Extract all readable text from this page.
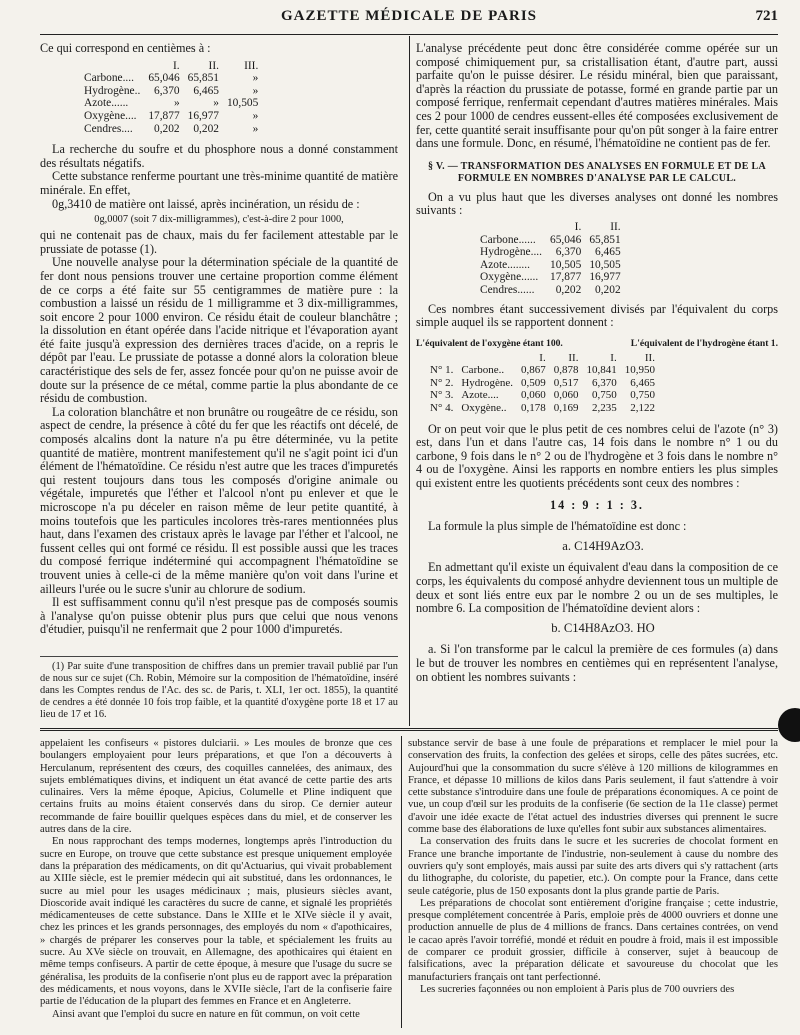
GAZETTE MÉDICALE DE PARIS	721

Ce qui correspond en centièmes à :

	I.	II.	III.
Carbone....	65,046	65,851	»
Hydrogène..	6,370	6,465	»
Azote......	»	»	10,505
Oxygène....	17,877	16,977	»
Cendres....	0,202	0,202	»

La recherche du soufre et du phosphore nous a donné constamment des résultats négatifs.

Cette substance renferme pourtant une très-minime quantité de matière minérale. En effet,

0g,3410 de matière ont laissé, après incinération, un résidu de :

0g,0007 (soit 7 dix-milligrammes), c'est-à-dire 2 pour 1000,

qui ne contenait pas de chaux, mais du fer facilement attestable par le prussiate de potasse (1).

Une nouvelle analyse pour la détermination spéciale de la quantité de fer dont nous pensions trouver une certaine proportion comme élément de ce corps a été faite sur 55 centigrammes de matière pure : la combustion a laissé un résidu de 1 milligramme et 3 dix-milligrammes, soit encore 2 pour 1000 environ. Ce résidu était de couleur blanchâtre ; la dissolution en étant opérée dans l'acide nitrique et l'évaporation ayant été faite jusqu'à expression des dernières traces d'acide, on a repris le dépôt par l'eau. Le prussiate de potasse a donné alors la coloration bleue caractéristique des sels de fer, assez foncée pour qu'on ne puisse avoir de doute sur la présence de ce métal, comme partie la plus abondante de ce résidu de combustion.

La coloration blanchâtre et non brunâtre ou rougeâtre de ce résidu, son aspect de cendre, la présence à côté du fer que les réactifs ont décelé, de composés alcalins dont la nature n'a pu être déterminée, vu la petite quantité de matière, montrent manifestement qu'il ne s'agit point ici d'un élément de l'hématoïdine. Ce résidu n'est autre que les traces d'impuretés qui restent toujours dans tous les composés d'origine animale ou végétale, impuretés que l'éther et l'alcool n'ont pu enlever et que le microscope n'a pu déceler en raison même de leur petite quantité, à moins toutefois que les particules incolores très-rares mentionnées plus haut, dans l'examen des cristaux après le lavage par l'éther et l'alcool, ne fussent celles qui ont formé ce résidu. Il est possible aussi que les traces du composé ferrique indéterminé qui accompagnent l'hématoïdine se trouvent unies à celle-ci de la même manière qu'on voit dans l'urine et ailleurs l'urée ou le sucre s'unir au chlorure de sodium.

Il est suffisamment connu qu'il n'est presque pas de composés soumis à l'analyse qu'on puisse obtenir plus purs que celui que nous venons d'étudier, puisqu'il ne renfermait que 2 pour 1000 d'impuretés.

(1) Par suite d'une transposition de chiffres dans un premier travail publié par l'un de nous sur ce sujet (Ch. Robin, Mémoire sur la composition de l'hématoïdine, inséré dans les Comptes rendus de l'Ac. des sc. de Paris, t. XLI, 1er oct. 1855), la quantité de cendres a été donnée 10 fois trop faible, et la quantité d'oxygène porte 18 et 17 au lieu de 17 et 16.

L'analyse précédente peut donc être considérée comme opérée sur un composé chimiquement pur, sa cristallisation étant, d'autre part, aussi parfaite qu'on le puisse désirer. Le résidu minéral, bien que paraissant, d'après la réaction du prussiate de potasse, formé en grande partie par un composé ferrique, renfermait cependant d'autres matières minérales. Mais ces 2 pour 1000 de cendres eussent-elles été composées exclusivement de fer, cette quantité serait insuffisante pour qu'on pût songer à la faire entrer dans une formule. Donc, en résumé, l'hématoïdine ne contient pas de fer.

§ V. — TRANSFORMATION DES ANALYSES EN FORMULE ET DE LA FORMULE EN NOMBRES D'ANALYSE PAR LE CALCUL.

On a vu plus haut que les diverses analyses ont donné les nombres suivants :

	I.	II.
Carbone......	65,046	65,851
Hydrogène....	6,370	6,465
Azote........	10,505	10,505
Oxygène......	17,877	16,977
Cendres......	0,202	0,202

Ces nombres étant successivement divisés par l'équivalent du corps simple auquel ils se rapportent donnent :

L'équivalent de l'oxygène étant 100.	L'équivalent de l'hydrogène étant 1.
		I.	II.	I.	II.
N° 1.	Carbone..	0,867	0,878	10,841	10,950
N° 2.	Hydrogène.	0,509	0,517	6,370	6,465
N° 3.	Azote....	0,060	0,060	0,750	0,750
N° 4.	Oxygène..	0,178	0,169	2,235	2,122

Or on peut voir que le plus petit de ces nombres celui de l'azote (n° 3) est, dans l'un et dans l'autre cas, 14 fois dans le nombre n° 1 ou du carbone, 9 fois dans le n° 2 ou de l'hydrogène et 3 fois dans le nombre n° 4 ou de l'oxygène. Ainsi les rapports en nombre entiers les plus simples qui existent entre les quotients précédents sont ceux des nombres :

14 : 9 : 1 : 3.

La formule la plus simple de l'hématoïdine est donc :

a. C14H9AzO3.

En admettant qu'il existe un équivalent d'eau dans la composition de ce corps, les équivalents du composé anhydre deviennent tous un multiple de deux et sont liés entre eux par le nombre 2 ou un de ses multiples, le nombre 6. La composition de l'hématoïdine devient alors :

b. C14H8AzO3. HO

a. Si l'on transforme par le calcul la première de ces formules (a) dans le but de trouver les nombres en centièmes qui en représentent l'analyse, on obtient les nombres suivants :

appelaient les confiseurs « pistores dulciarii. » Les moules de bronze que ces boulangers employaient pour leurs préparations, et que l'on a découverts à Herculanum, représentent des cœurs, des coquilles cannelées, des animaux, des sujets emblématiques divins, et indiquent un état avancé de cette partie des arts culinaires. Vers la même époque, Apicius, Columelle et Pline indiquent que certains fruits au moins étaient conservés dans du sirop. Ce dernier auteur recommande de faire bouillir quelques espèces dans du miel, et de conserver les autres dans de la cire.

En nous rapprochant des temps modernes, longtemps après l'introduction du sucre en Europe, on trouve que cette substance est presque uniquement employée dans la préparation des médicaments, on dit qu'Actuarius, qui vivait probablement au XIIIe siècle, est le premier médecin qui ait substitué, dans les ordonnances, le sucre au miel pour les usages médicinaux ; mais, plusieurs siècles avant, Dioscoride avait indiqué les caractères du sucre de canne, et signalé les propriétés médicamenteuses de cette substance. Dans le XIIIe et le XIVe siècle il y avait, chez les princes et les grands personnages, des employés du nom « d'apothicaires, » chargés de préparer les conserves pour la table, et spécialement les fruits au sucre. Au XVe siècle on trouvait, en Allemagne, des apothicaires qui étaient en même temps confiseurs. A partir de cette époque, à mesure que l'usage du sucre se généralisa, les produits de la confiserie n'ont plus eu de rapport avec la préparation des médicaments, et nous voyons, dans le XVIIe siècle, l'art de la confiserie faire partie de l'éducation de la plupart des femmes en France et en Angleterre.

Ainsi avant que l'emploi du sucre en nature en fût commun, on voit cette

substance servir de base à une foule de préparations et remplacer le miel pour la conservation des fruits, la confection des gelées et sirops, celle des pâtes sucrées, etc. Aujourd'hui que la consommation du sucre s'élève à 120 millions de kilogrammes en France, et dépasse 10 millions de kilos dans Paris seulement, il faut s'attendre à voir cette substance s'introduire dans une foule de préparations économiques. A ce point de vue, un coup d'œil sur les produits de la confiserie (6e section de la 11e classe) permet d'avoir une idée exacte de l'état actuel des industries diverses qui prennent le sucre comme base des élaborations de luxe qu'elles font subir aux substances alimentaires.

La conservation des fruits dans le sucre et les sucreries de chocolat forment en France une branche importante de l'industrie, non-seulement à cause du nombre des ouvriers qu'y sont employés, mais aussi par suite des arts divers qui s'y rattachent (arts du lithographe, du coloriste, du papetier, etc.). On compte pour la France, dans cette seule catégorie, plus de 150 exposants dont la plus grande partie de Paris.

Les préparations de chocolat sont entièrement d'origine française ; cette industrie, presque complétement concentrée à Paris, emploie près de 4000 ouvriers et donne une production annuelle de plus de 4 millions de francs. Dans certaines contrées, on vend le cacao après l'avoir torréfié, mondé et réduit en poudre à froid, mais il est impossible de comparer ce produit grossier, difficile à conserver, sujet à beaucoup de falsifications, avec la préparation délicate et savoureuse du chocolat que les manufacturiers français ont tant perfectionné.

Les sucreries façonnées ou non emploient à Paris plus de 700 ouvriers des
